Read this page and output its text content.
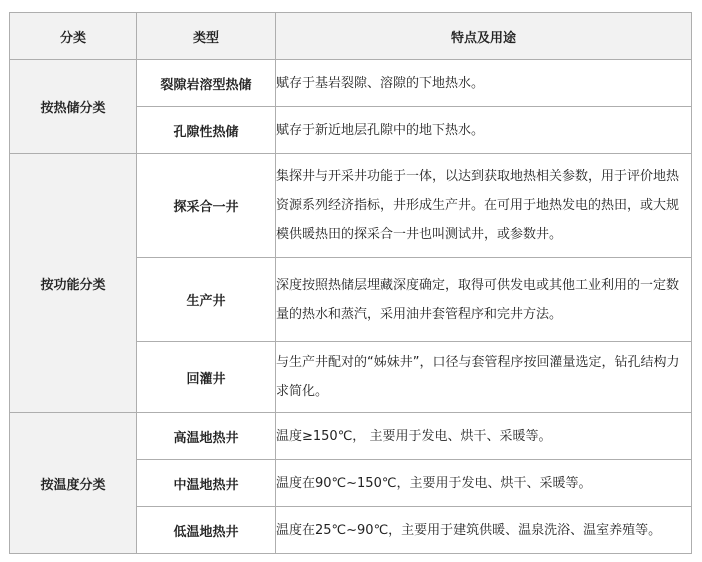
分类	类型	特点及用途
按热储分类	裂隙岩溶型热储	赋存于基岩裂隙、溶隙的下地热水。
	孔隙性热储	赋存于新近地层孔隙中的地下热水。
按功能分类	探采合一井	集探井与开采井功能于一体，以达到获取地热相关参数，用于评价地热资源系列经济指标，井形成生产井。在可用于地热发电的热田，或大规模供暖热田的探采合一井也叫测试井，或参数井。
	生产井	深度按照热储层埋藏深度确定，取得可供发电或其他工业利用的一定数量的热水和蒸汽，采用油井套管程序和完井方法。
	回灌井	与生产井配对的“姊妹井”，口径与套管程序按回灌量选定，钻孔结构力求简化。
按温度分类	高温地热井	温度≥150℃， 主要用于发电、烘干、采暖等。
	中温地热井	温度在90℃~150℃，主要用于发电、烘干、采暖等。
	低温地热井	温度在25℃~90℃，主要用于建筑供暖、温泉洗浴、温室养殖等。
